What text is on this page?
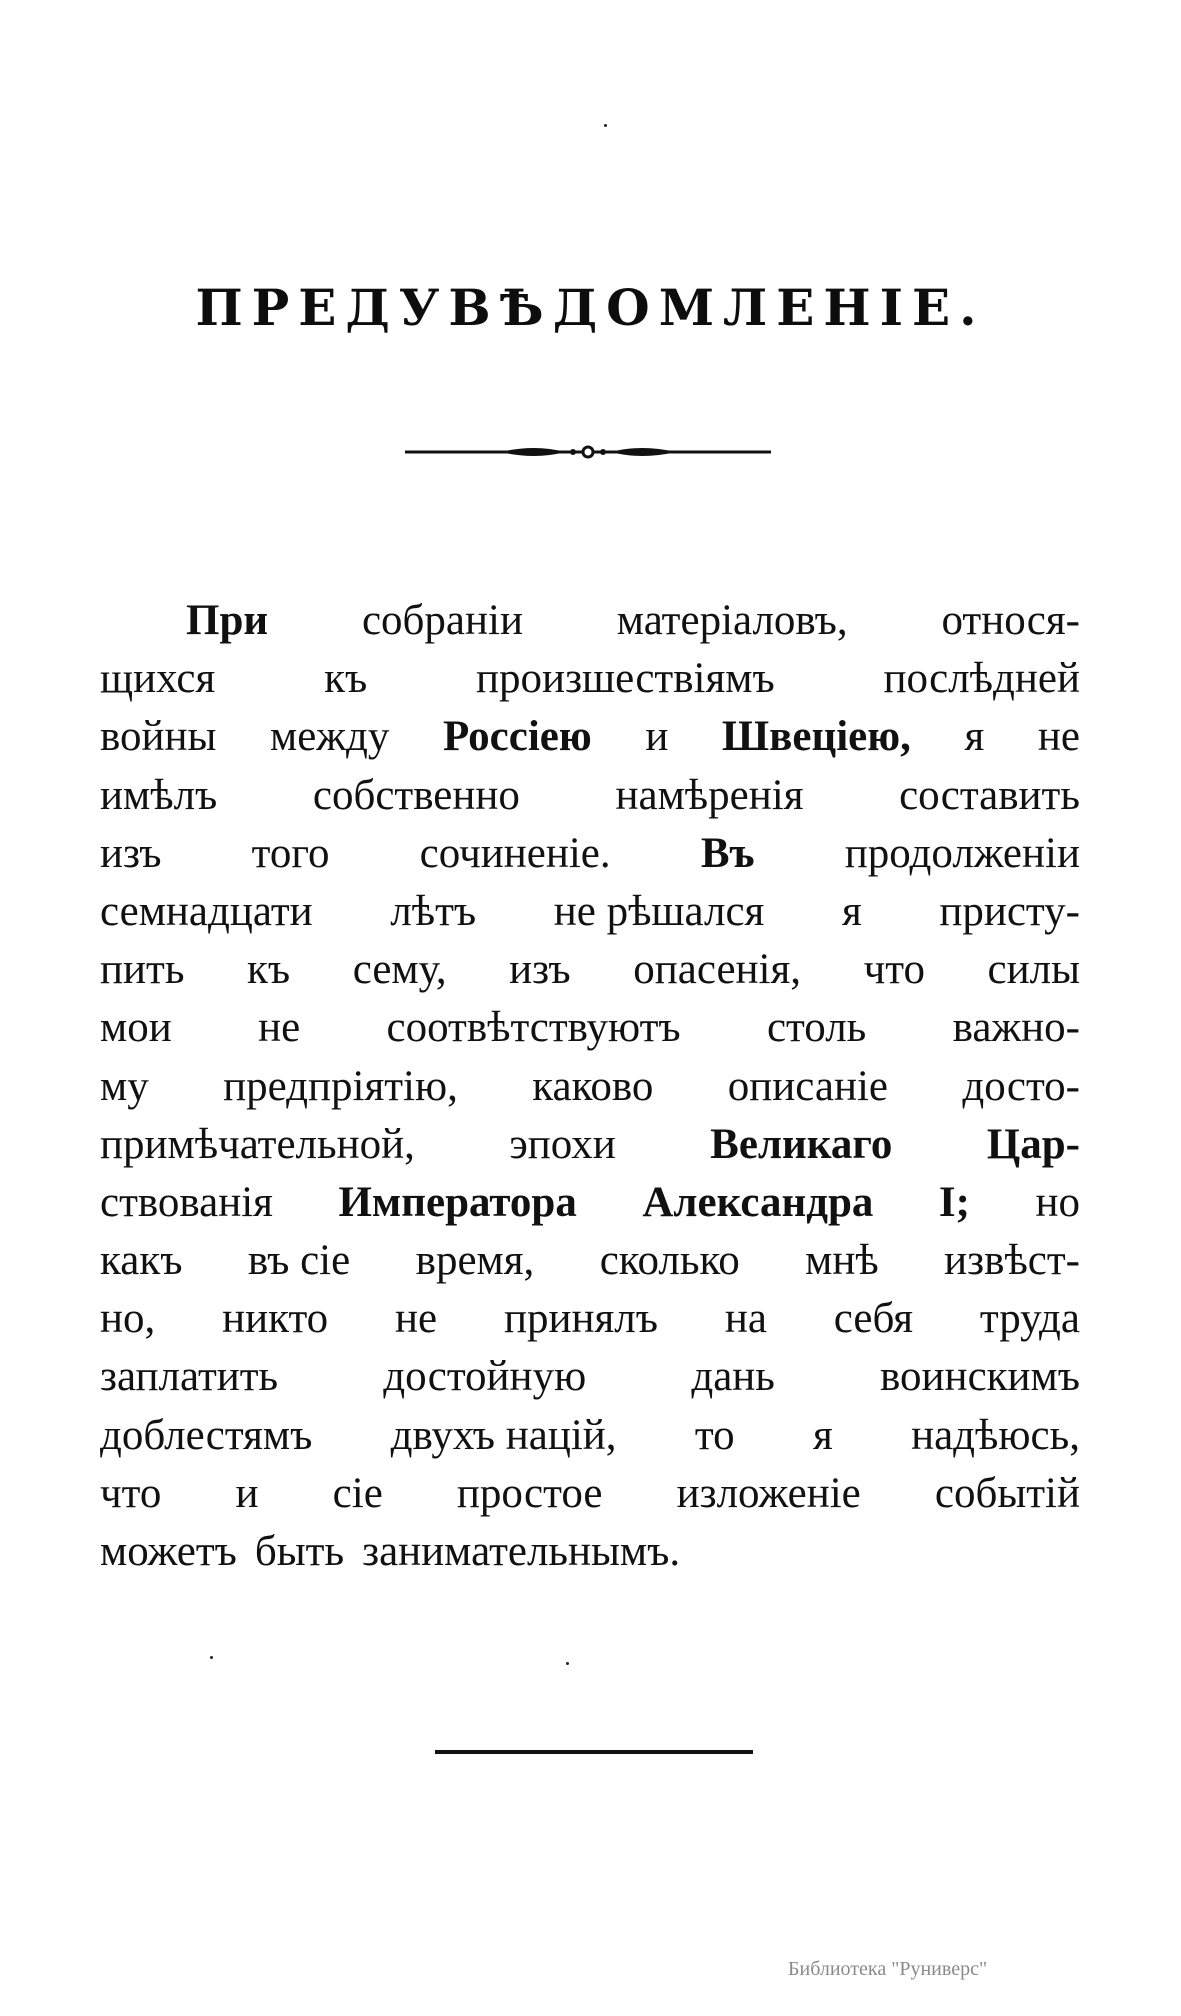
ПРЕДУВѢДОМЛЕНІЕ.
При собраніи матеріаловъ, относя-
щихся	къ	произшествіямъ	послѣдней
войны между Россіею и Швеціею, я не
имѣлъ собственно намѣренія составить
изъ того сочиненіе. Въ продолженіи
семнадцати лѣтъ не рѣшался я присту-
пить къ сему, изъ опасенія, что силы
мои не соотвѣтствуютъ столь важно-
му предпріятію, каково описаніе досто-
примѣчательной, эпохи Великаго Цар-
ствованія Императора Александра I; но
какъ въ сіе время, сколько мнѣ извѣст-
но, никто не принялъ на себя труда
заплатить достойную дань воинскимъ
доблестямъ двухъ націй, то я надѣюсь,
что и сіе простое изложеніе событій
можетъ быть занимательнымъ.
Библиотека "Руниверс"
